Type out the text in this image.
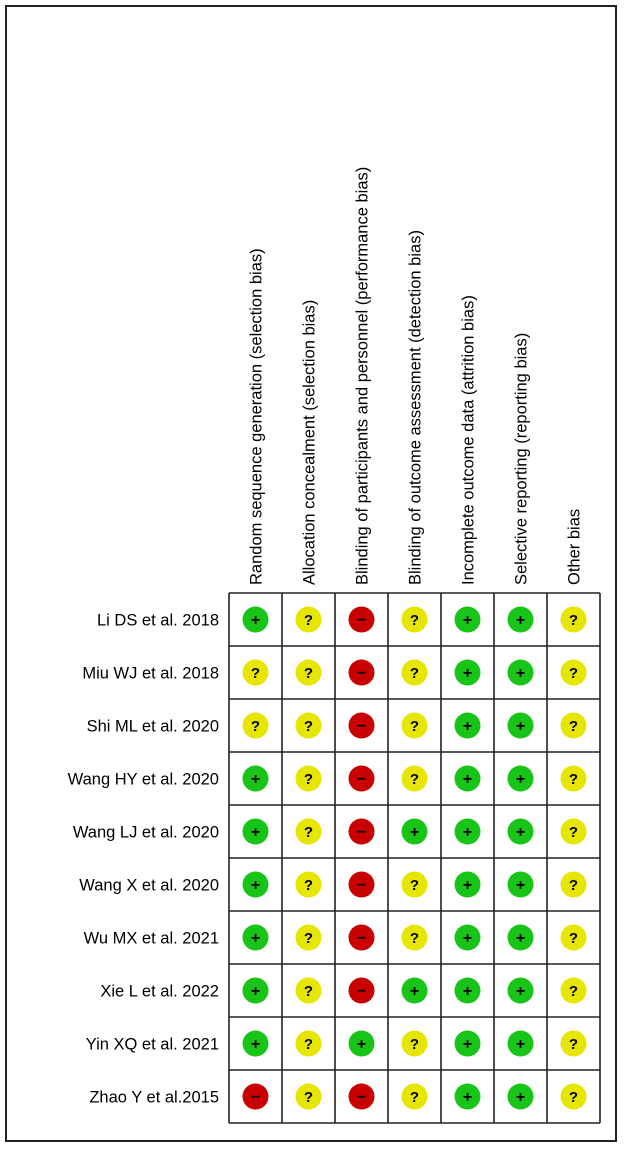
Random sequence generation (selection bias) Allocation concealment (selection bias) Blinding of participants and personnel (performance bias) Blinding of outcome assessment (detection bias) Incomplete outcome data (attrition bias) Selective reporting (reporting bias) Other bias
Li DS et al. 2018 +	?	−	?	+	+	?
Miu WJ et al. 2018 ?	?	−	?	+	+	?
Shi ML et al. 2020 ?	?	−	?	+	+	?
Wang HY et al. 2020 +	?	−	?	+	+	?
Wang LJ et al. 2020 +	?	−	+	+	+	?
Wang X et al. 2020 +	?	−	?	+	+	?
Wu MX et al. 2021 +	?	−	?	+	+	?
Xie L et al. 2022 +	?	−	+	+	+	?
Yin XQ et al. 2021 +	?	+	?	+	+	?
Zhao Y et al.2015 −	?	−	?	+	+	?
